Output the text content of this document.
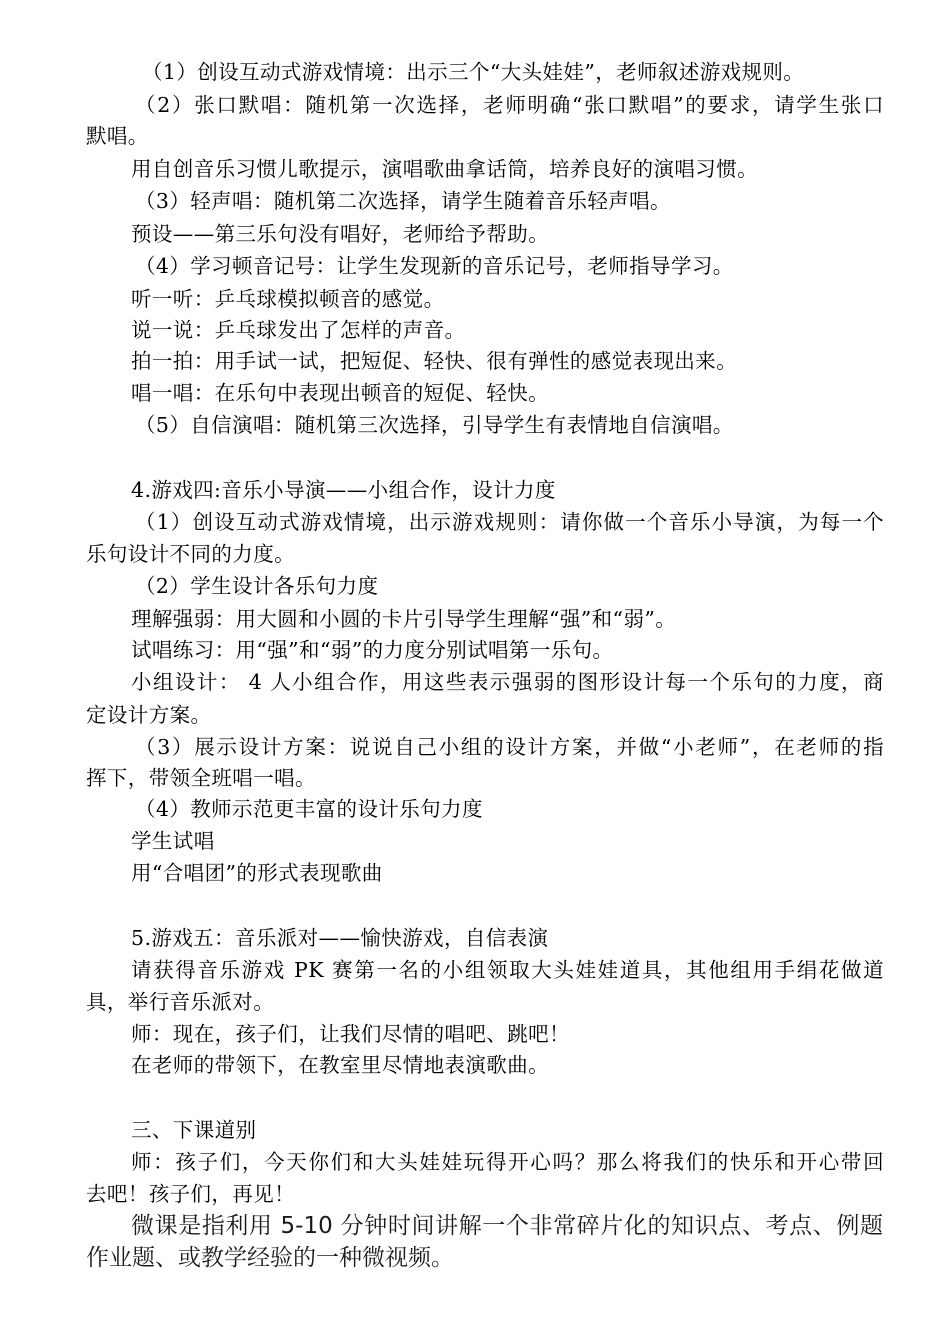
（1）创设互动式游戏情境：出示三个“大头娃娃”，老师叙述游戏规则。
（2）张口默唱：随机第一次选择，老师明确“张口默唱”的要求，请学生张口
默唱。
用自创音乐习惯儿歌提示，演唱歌曲拿话筒，培养良好的演唱习惯。
（3）轻声唱：随机第二次选择，请学生随着音乐轻声唱。
预设——第三乐句没有唱好，老师给予帮助。
（4）学习顿音记号：让学生发现新的音乐记号，老师指导学习。
听一听：乒乓球模拟顿音的感觉。
说一说：乒乓球发出了怎样的声音。
拍一拍：用手试一试，把短促、轻快、很有弹性的感觉表现出来。
唱一唱：在乐句中表现出顿音的短促、轻快。
（5）自信演唱：随机第三次选择，引导学生有表情地自信演唱。
4.游戏四:音乐小导演——小组合作，设计力度
（1）创设互动式游戏情境，出示游戏规则：请你做一个音乐小导演，为每一个
乐句设计不同的力度。
（2）学生设计各乐句力度
理解强弱：用大圆和小圆的卡片引导学生理解“强”和“弱”。
试唱练习：用“强”和“弱”的力度分别试唱第一乐句。
小组设计： 4 人小组合作，用这些表示强弱的图形设计每一个乐句的力度，商
定设计方案。
（3）展示设计方案：说说自己小组的设计方案，并做“小老师”，在老师的指
挥下，带领全班唱一唱。
（4）教师示范更丰富的设计乐句力度
学生试唱
用“合唱团”的形式表现歌曲
5.游戏五：音乐派对——愉快游戏，自信表演
请获得音乐游戏 PK 赛第一名的小组领取大头娃娃道具，其他组用手绢花做道
具，举行音乐派对。
师：现在，孩子们，让我们尽情的唱吧、跳吧！
在老师的带领下，在教室里尽情地表演歌曲。
三、下课道别
师：孩子们，今天你们和大头娃娃玩得开心吗？那么将我们的快乐和开心带回
去吧！孩子们，再见！
微课是指利用 5-10 分钟时间讲解一个非常碎片化的知识点、考点、例题
作业题、或教学经验的一种微视频。
